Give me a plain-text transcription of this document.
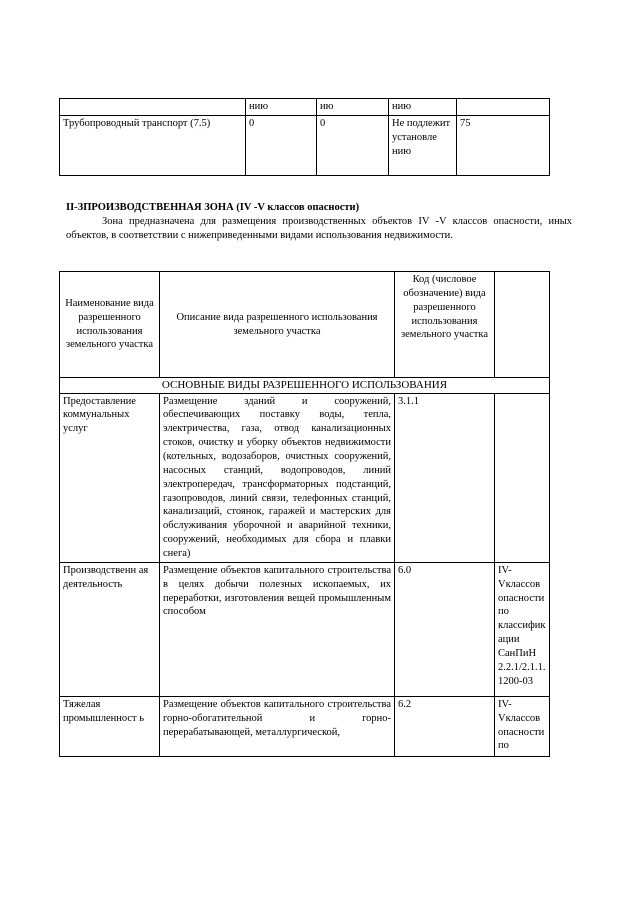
	нию	ию	нию	
Трубопроводный транспорт (7.5)	0	0	Не подлежит установле нию	75
II-ЗПРОИЗВОДСТВЕННАЯ ЗОНА (IV -V классов опасности)
Зона предназначена для размещения производственных объектов IV -V классов опасности, иных объектов, в соответствии с нижеприведенными видами использования недвижимости.
Наименование вида разрешенного использования земельного участка	Описание вида разрешенного использования земельного участка	Код (числовое обозначение) вида разрешенного использования земельного участка	
ОСНОВНЫЕ ВИДЫ РАЗРЕШЕННОГО ИСПОЛЬЗОВАНИЯ			
Предоставление коммунальных услуг	Размещение зданий и сооружений, обеспечивающих поставку воды, тепла, электричества, газа, отвод канализационных стоков, очистку и уборку объектов недвижимости (котельных, водозаборов, очистных сооружений, насосных станций, водопроводов, линий электропередач, трансформаторных подстанций, газопроводов, линий связи, телефонных станций, канализаций, стоянок, гаражей и мастерских для обслуживания уборочной и аварийной техники, сооружений, необходимых для сбора и плавки снега)	3.1.1	
Производственн ая деятельность	Размещение объектов капитального строительства в целях добычи полезных ископаемых, их переработки, изготовления вещей промышленным способом	6.0	IV-Vклассов опасности по классифик ации СанПиН 2.2.1/2.1.1. 1200-03
Тяжелая промышленност ь	Размещение объектов капитального строительства горно-обогатительной и горно-перерабатывающей, металлургической,	6.2	IV-Vклассов опасности по
